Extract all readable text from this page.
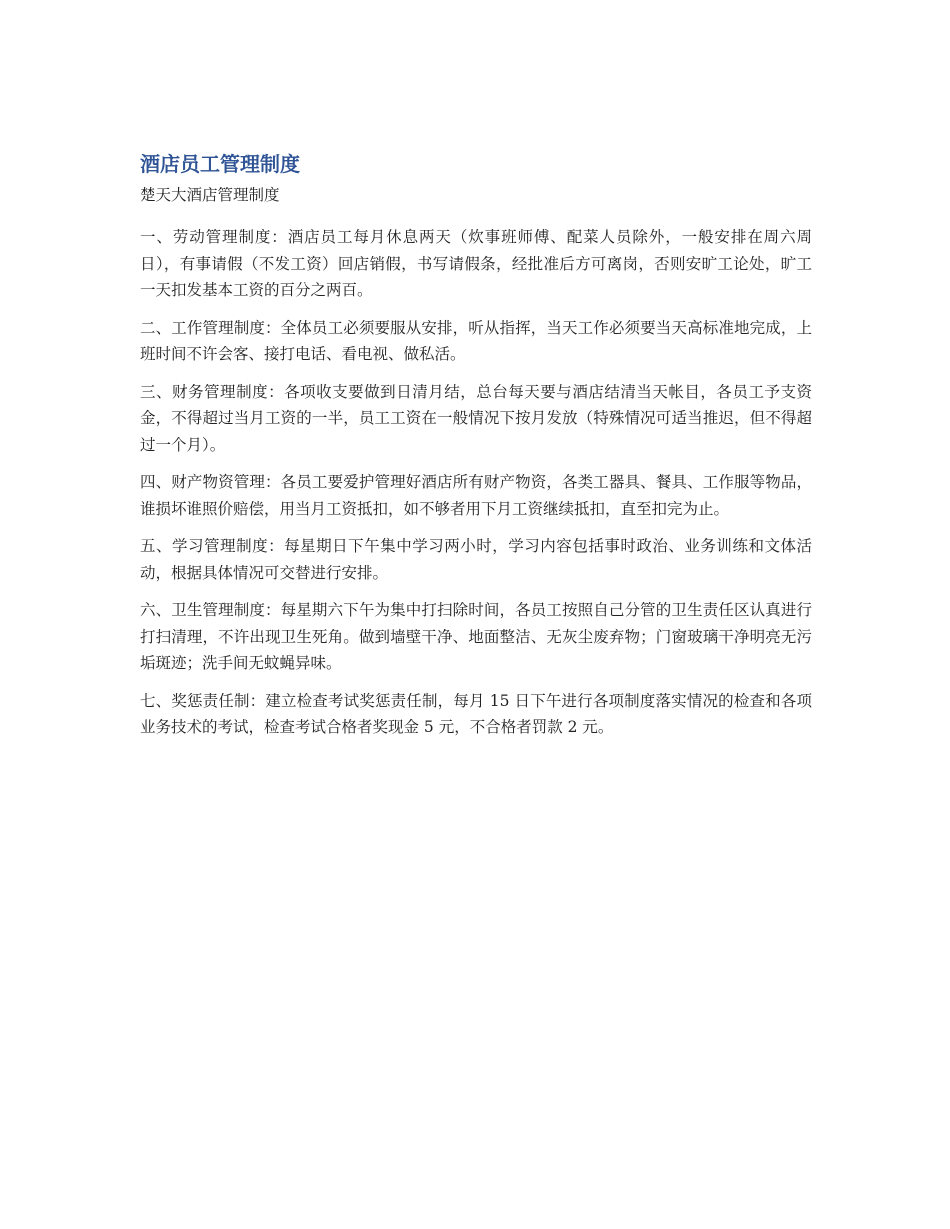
酒店员工管理制度

楚天大酒店管理制度

一、劳动管理制度：酒店员工每月休息两天（炊事班师傅、配菜人员除外，一般安排在周六周日），有事请假（不发工资）回店销假，书写请假条，经批准后方可离岗，否则安旷工论处，旷工一天扣发基本工资的百分之两百。

二、工作管理制度：全体员工必须要服从安排，听从指挥，当天工作必须要当天高标准地完成，上班时间不许会客、接打电话、看电视、做私活。

三、财务管理制度：各项收支要做到日清月结，总台每天要与酒店结清当天帐目，各员工予支资金，不得超过当月工资的一半，员工工资在一般情况下按月发放（特殊情况可适当推迟，但不得超过一个月）。

四、财产物资管理：各员工要爱护管理好酒店所有财产物资，各类工器具、餐具、工作服等物品，谁损坏谁照价赔偿，用当月工资抵扣，如不够者用下月工资继续抵扣，直至扣完为止。

五、学习管理制度：每星期日下午集中学习两小时，学习内容包括事时政治、业务训练和文体活动，根据具体情况可交替进行安排。

六、卫生管理制度：每星期六下午为集中打扫除时间，各员工按照自己分管的卫生责任区认真进行打扫清理，不许出现卫生死角。做到墙壁干净、地面整洁、无灰尘废弃物；门窗玻璃干净明亮无污垢斑迹；洗手间无蚊蝇异味。

七、奖惩责任制：建立检查考试奖惩责任制，每月 15 日下午进行各项制度落实情况的检查和各项业务技术的考试，检查考试合格者奖现金 5 元，不合格者罚款 2 元。
